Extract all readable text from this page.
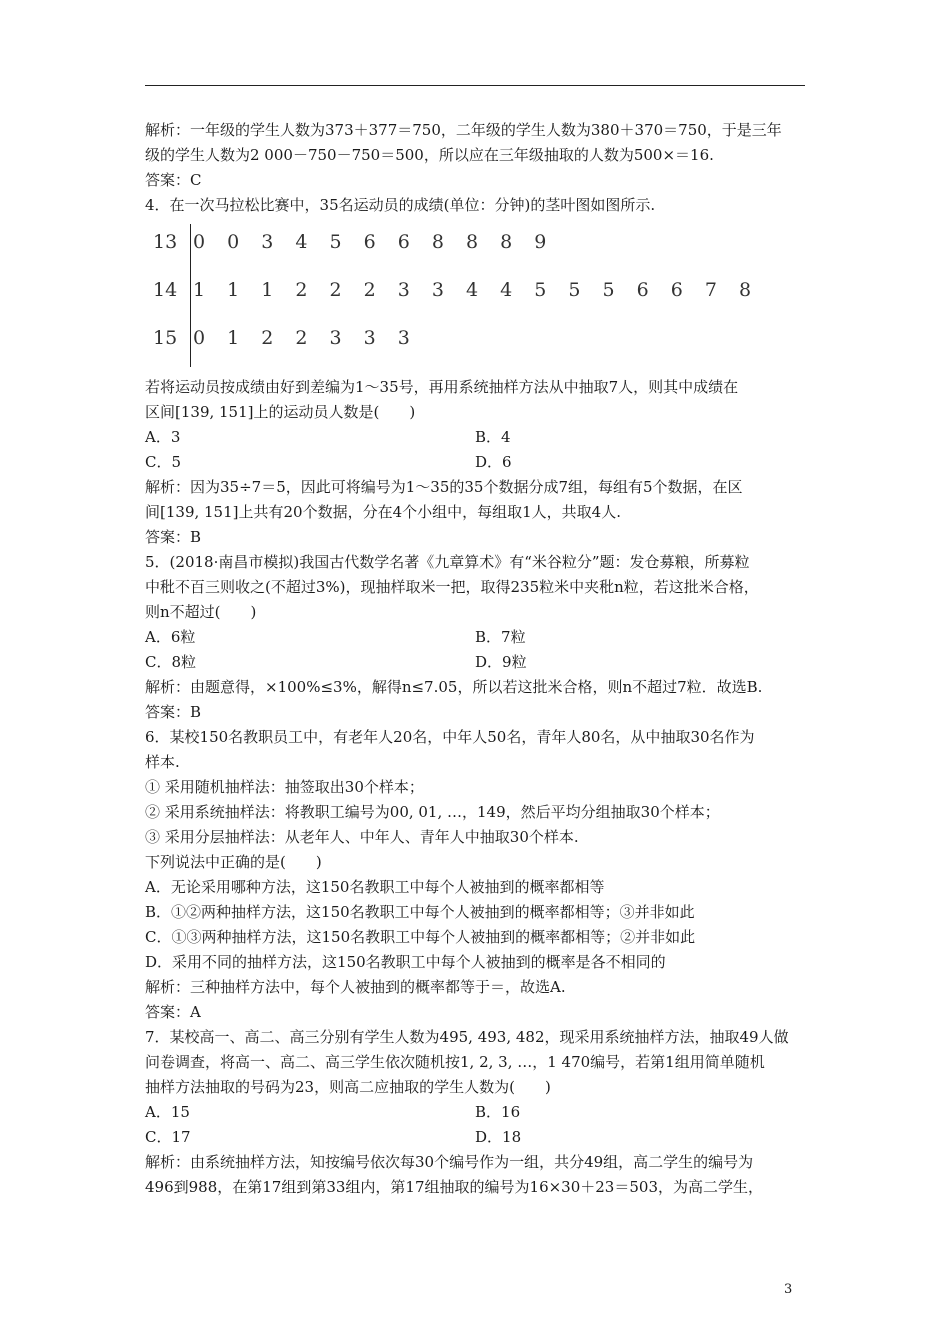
解析：一年级的学生人数为373＋377＝750，二年级的学生人数为380＋370＝750，于是三年
级的学生人数为2 000－750－750＝500，所以应在三年级抽取的人数为500×＝16.
答案：C
4．在一次马拉松比赛中，35名运动员的成绩(单位：分钟)的茎叶图如图所示.
13 0 0 3 4 5 6 6 8 8 8 9
14 1 1 1 2 2 2 3 3 4 4 5 5 5 6 6 7 8
15 0 1 2 2 3 3 3
若将运动员按成绩由好到差编为1～35号，再用系统抽样方法从中抽取7人，则其中成绩在
区间[139, 151]上的运动员人数是(　　)
A．3	B．4
C．5	D．6
解析：因为35÷7＝5，因此可将编号为1～35的35个数据分成7组，每组有5个数据，在区
间[139, 151]上共有20个数据，分在4个小组中，每组取1人，共取4人.
答案：B
5．(2018·南昌市模拟)我国古代数学名著《九章算术》有“米谷粒分”题：发仓募粮，所募粒
中秕不百三则收之(不超过3%)，现抽样取米一把，取得235粒米中夹秕n粒，若这批米合格，
则n不超过(　　)
A．6粒	B．7粒
C．8粒	D．9粒
解析：由题意得，×100%≤3%，解得n≤7.05，所以若这批米合格，则n不超过7粒．故选B.
答案：B
6．某校150名教职员工中，有老年人20名，中年人50名，青年人80名，从中抽取30名作为
样本.
① 采用随机抽样法：抽签取出30个样本；
② 采用系统抽样法：将教职工编号为00, 01, …，149，然后平均分组抽取30个样本；
③ 采用分层抽样法：从老年人、中年人、青年人中抽取30个样本.
下列说法中正确的是(　　)
A．无论采用哪种方法，这150名教职工中每个人被抽到的概率都相等
B．①②两种抽样方法，这150名教职工中每个人被抽到的概率都相等；③并非如此
C．①③两种抽样方法，这150名教职工中每个人被抽到的概率都相等；②并非如此
D．采用不同的抽样方法，这150名教职工中每个人被抽到的概率是各不相同的
解析：三种抽样方法中，每个人被抽到的概率都等于＝，故选A.
答案：A
7．某校高一、高二、高三分别有学生人数为495, 493, 482，现采用系统抽样方法，抽取49人做
问卷调查，将高一、高二、高三学生依次随机按1, 2, 3, …，1 470编号，若第1组用简单随机
抽样方法抽取的号码为23，则高二应抽取的学生人数为(　　)
A．15	B．16
C．17	D．18
解析：由系统抽样方法，知按编号依次每30个编号作为一组，共分49组，高二学生的编号为
496到988，在第17组到第33组内，第17组抽取的编号为16×30＋23＝503，为高二学生，
3
